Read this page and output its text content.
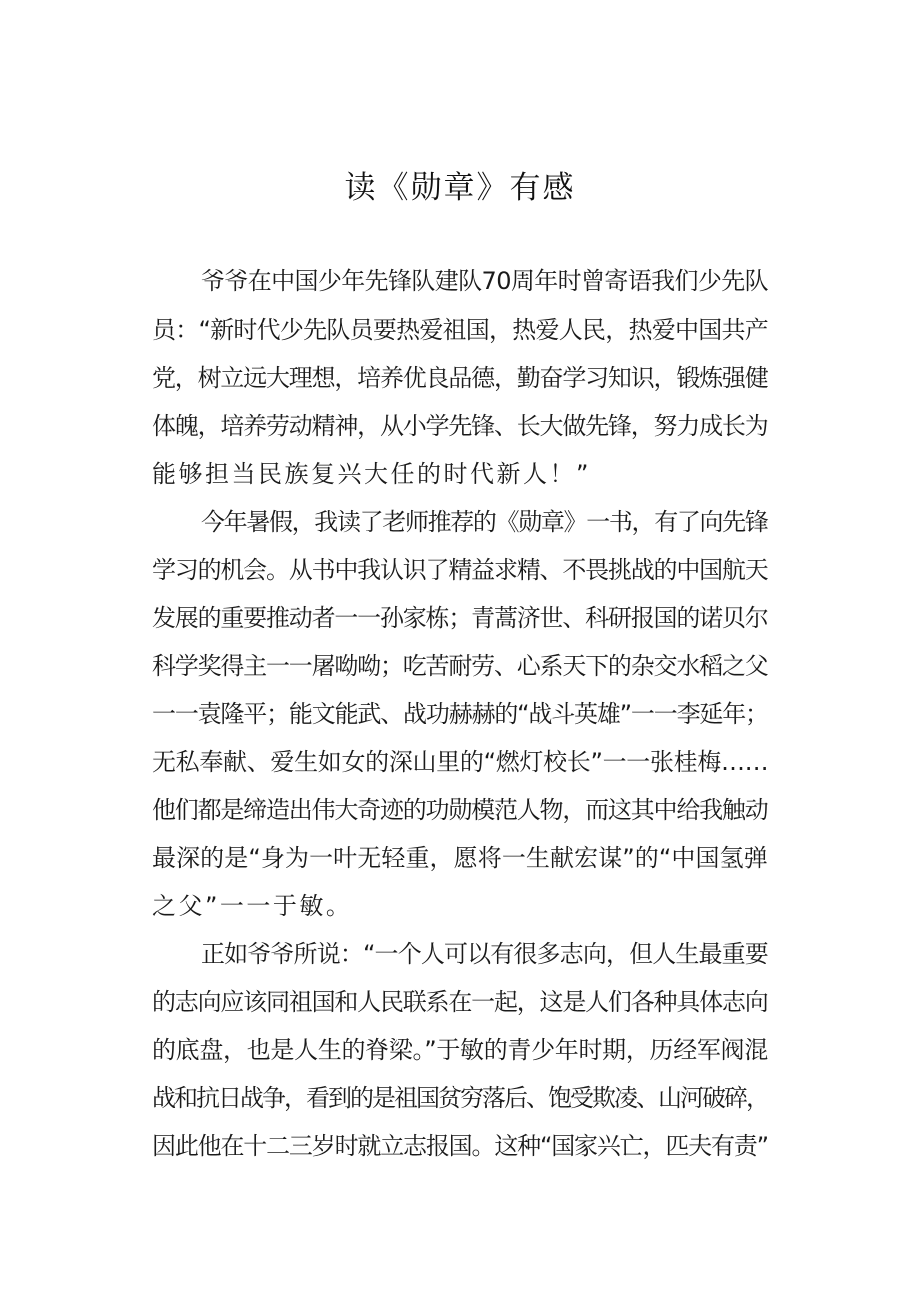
读《勋章》有感
爷爷在中国少年先锋队建队70周年时曾寄语我们少先队
员：“新时代少先队员要热爱祖国，热爱人民，热爱中国共产
党，树立远大理想，培养优良品德，勤奋学习知识，锻炼强健
体魄，培养劳动精神，从小学先锋、长大做先锋，努力成长为
能够担当民族复兴大任的时代新人！”
今年暑假，我读了老师推荐的《勋章》一书，有了向先锋
学习的机会。从书中我认识了精益求精、不畏挑战的中国航天
发展的重要推动者一一孙家栋；青蒿济世、科研报国的诺贝尔
科学奖得主一一屠呦呦；吃苦耐劳、心系天下的杂交水稻之父
一一袁隆平；能文能武、战功赫赫的“战斗英雄”一一李延年；
无私奉献、爱生如女的深山里的“燃灯校长”一一张桂梅……
他们都是缔造出伟大奇迹的功勋模范人物，而这其中给我触动
最深的是“身为一叶无轻重，愿将一生献宏谋”的“中国氢弹
之父”一一于敏。
正如爷爷所说：“一个人可以有很多志向，但人生最重要
的志向应该同祖国和人民联系在一起，这是人们各种具体志向
的底盘，也是人生的脊梁。”于敏的青少年时期，历经军阀混
战和抗日战争，看到的是祖国贫穷落后、饱受欺凌、山河破碎，
因此他在十二三岁时就立志报国。这种“国家兴亡，匹夫有责”
